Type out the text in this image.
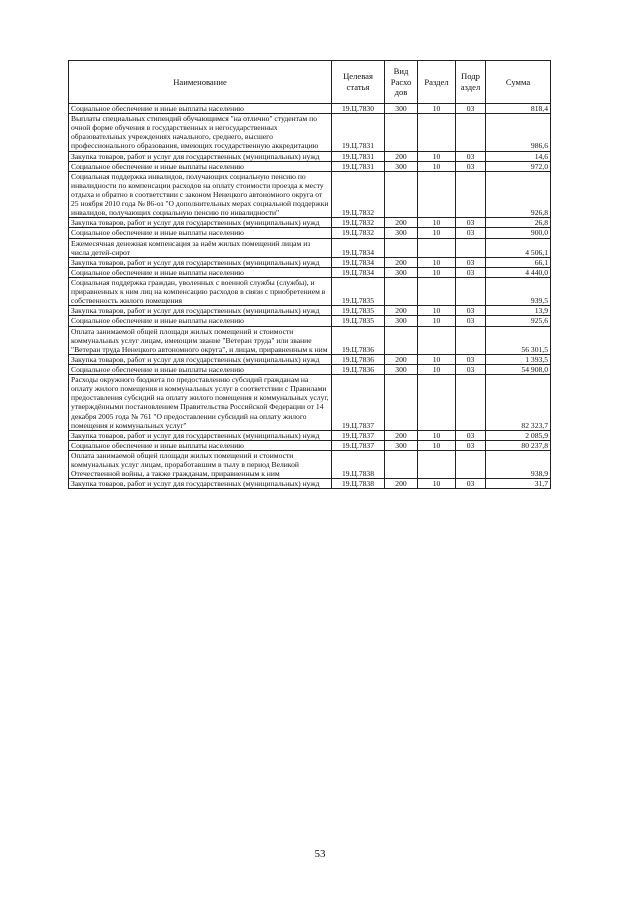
Наименование	Целевая статья	Вид Расхо дов	Раздел	Подр аздел	Сумма
Социальное обеспечение и иные выплаты населению	19.Ц.7830	300	10	03	818,4
Выплаты специальных стипендий обучающимся "на отлично" студентам по очной форме обучения в государственных и негосударственных образовательных учреждениях начального, среднего, высшего профессионального образования, имеющих государственную аккредитацию	19.Ц.7831				986,6
Закупка товаров, работ и услуг для государственных (муниципальных) нужд	19.Ц.7831	200	10	03	14,6
Социальное обеспечение и иные выплаты населению	19.Ц.7831	300	10	03	972,0
Социальная поддержка инвалидов, получающих социальную пенсию по инвалидности по компенсации расходов на оплату стоимости проезда к месту отдыха и обратно в соответствии с законом Ненецкого автономного округа от 25 ноября 2010 года № 86-оз "О дополнительных мерах социальной поддержки инвалидов, получающих социальную пенсию по инвалидности"	19.Ц.7832				926,8
Закупка товаров, работ и услуг для государственных (муниципальных) нужд	19.Ц.7832	200	10	03	26,8
Социальное обеспечение и иные выплаты населению	19.Ц.7832	300	10	03	900,0
Ежемесячная денежная компенсация за наём жилых помещений лицам из числа детей-сирот	19.Ц.7834				4 506,1
Закупка товаров, работ и услуг для государственных (муниципальных) нужд	19.Ц.7834	200	10	03	66,1
Социальное обеспечение и иные выплаты населению	19.Ц.7834	300	10	03	4 440,0
Социальная поддержка граждан, уволенных с военной службы (службы), и приравненных к ним лиц на компенсацию расходов в связи с приобретением в собственность жилого помещения	19.Ц.7835				939,5
Закупка товаров, работ и услуг для государственных (муниципальных) нужд	19.Ц.7835	200	10	03	13,9
Социальное обеспечение и иные выплаты населению	19.Ц.7835	300	10	03	925,6
Оплата занимаемой общей площади жилых помещений и стоимости коммунальных услуг лицам, имеющим звание "Ветеран труда" или звание "Ветеран труда Ненецкого автономного округа", и лицам, приравненным к ним	19.Ц.7836				56 301,5
Закупка товаров, работ и услуг для государственных (муниципальных) нужд	19.Ц.7836	200	10	03	1 393,5
Социальное обеспечение и иные выплаты населению	19.Ц.7836	300	10	03	54 908,0
Расходы окружного бюджета по предоставлению субсидий гражданам на оплату жилого помещения и коммунальных услуг в соответствии с Правилами предоставления субсидий на оплату жилого помещения и коммунальных услуг, утверждёнными постановлением Правительства Российской Федерации от 14 декабря 2005 года № 761 "О предоставлении субсидий на оплату жилого помещения и коммунальных услуг"	19.Ц.7837				82 323,7
Закупка товаров, работ и услуг для государственных (муниципальных) нужд	19.Ц.7837	200	10	03	2 085,9
Социальное обеспечение и иные выплаты населению	19.Ц.7837	300	10	03	80 237,8
Оплата занимаемой общей площади жилых помещений и стоимости коммунальных услуг лицам, проработавшим в тылу в период Великой Отечественной войны, а также гражданам, приравненным к ним	19.Ц.7838				938,9
Закупка товаров, работ и услуг для государственных (муниципальных) нужд	19.Ц.7838	200	10	03	31,7
53
